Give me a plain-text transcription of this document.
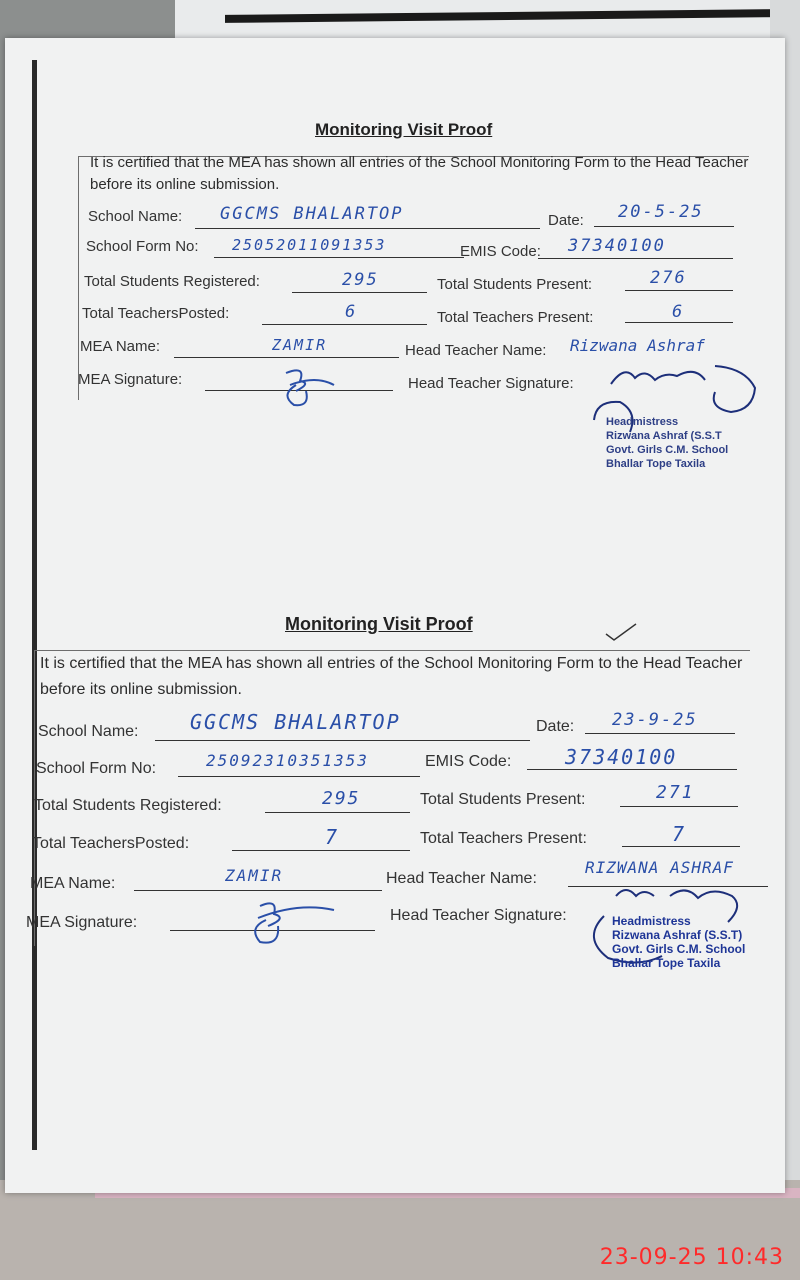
Monitoring Visit Proof
It is certified that the MEA has shown all entries of the School Monitoring Form to the Head Teacher before its online submission.
School Name: GGCMS BHALARTOP	Date: 20-5-25
School Form No: 25052011091353	EMIS Code: 37340100
Total Students Registered:	295	Total Students Present:	276
Total TeachersPosted:	6	Total Teachers Present:	6
MEA Name:	ZAMIR	Head Teacher Name: Rizwana Ashraf
MEA Signature:	Head Teacher Signature:
Headmistress
Rizwana Ashraf (S.S.T
Govt. Girls C.M. School
Bhallar Tope Taxila
Monitoring Visit Proof
It is certified that the MEA has shown all entries of the School Monitoring Form to the Head Teacher before its online submission.
School Name:	GGCMS BHALARTOP	Date: 23-9-25
School Form No:	25092310351353	EMIS Code:	37340100
Total Students Registered:	295	Total Students Present:	271
Total TeachersPosted:	7	Total Teachers Present:	7
MEA Name:	ZAMIR	Head Teacher Name:
RIZWANA ASHRAF
MEA Signature:	Head Teacher Signature:	Headmistress
Rizwana Ashraf (S.S.T)
Govt. Girls C.M. School
Bhallar Tope Taxila
23-09-25 10:43
